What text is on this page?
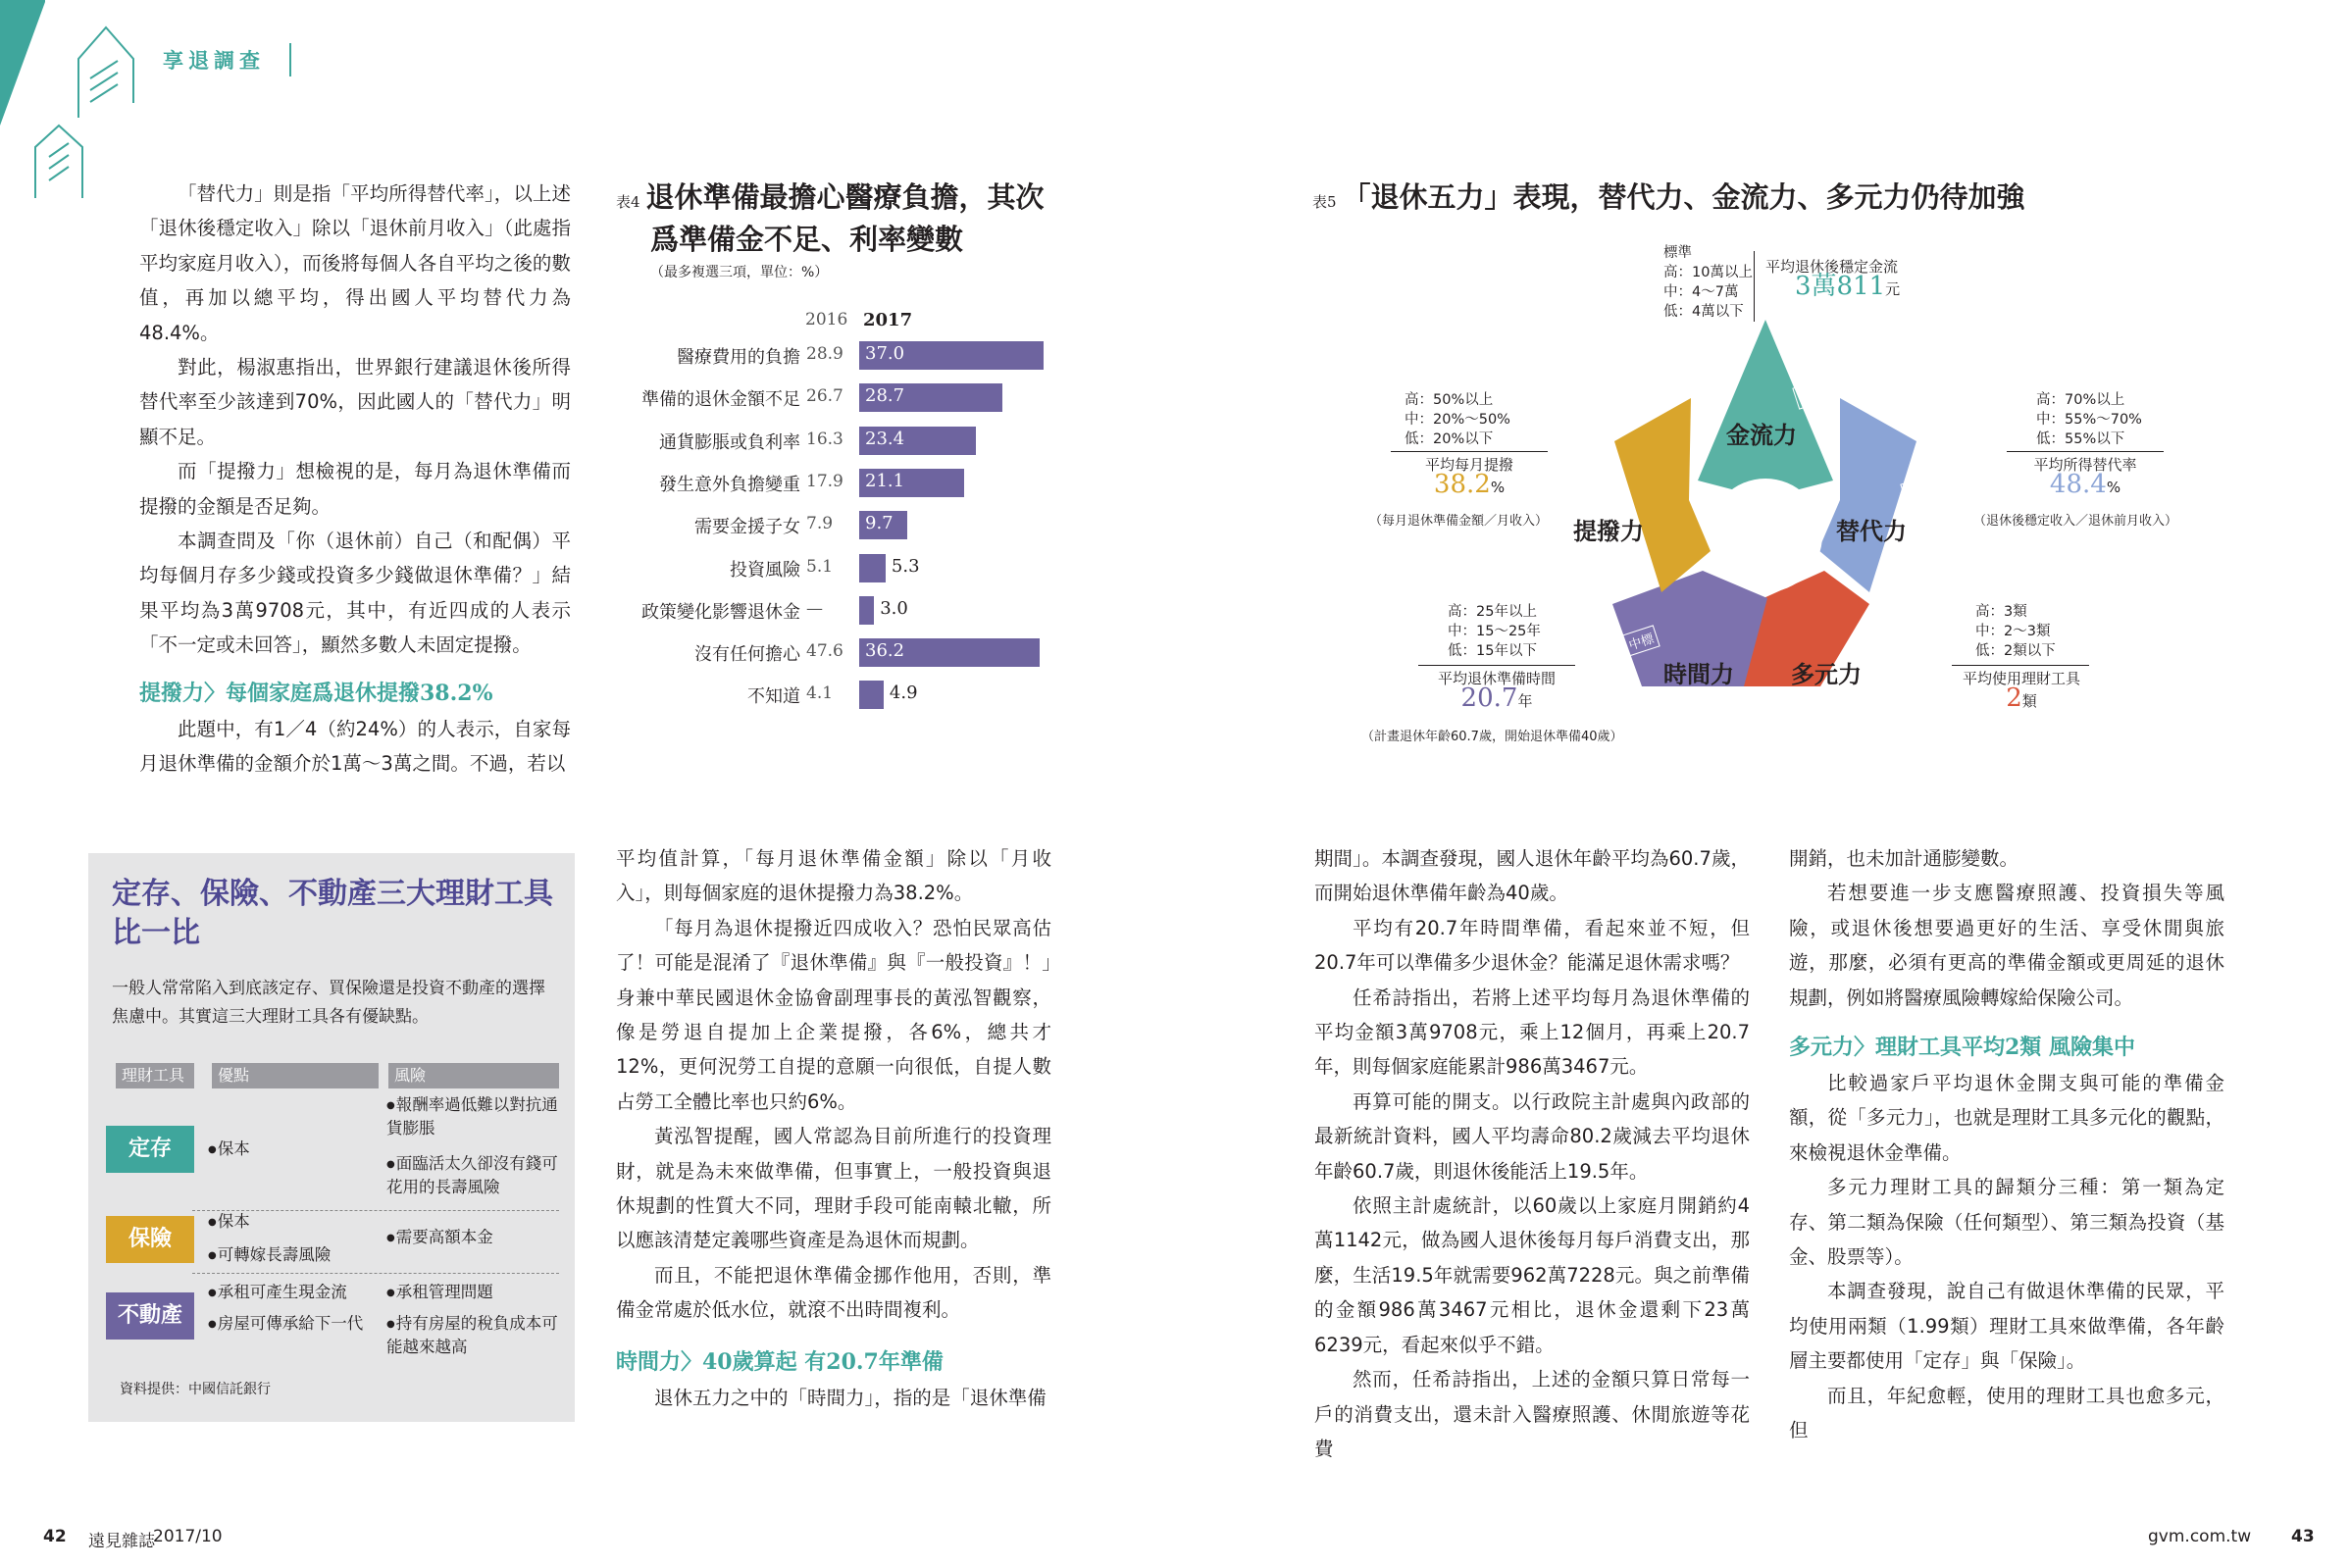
享退調查

「替代力」則是指「平均所得替代率」，以上述「退休後穩定收入」除以「退休前月收入」（此處指平均家庭月收入），而後將每個人各自平均之後的數值，再加以總平均，得出國人平均替代力為48.4%。

對此，楊淑惠指出，世界銀行建議退休後所得替代率至少該達到70%，因此國人的「替代力」明顯不足。

而「提撥力」想檢視的是，每月為退休準備而提撥的金額是否足夠。

本調查問及「你（退休前）自己（和配偶）平均每個月存多少錢或投資多少錢做退休準備？」結果平均為3萬9708元，其中，有近四成的人表示「不一定或未回答」，顯然多數人未固定提撥。

提撥力〉每個家庭爲退休提撥38.2%

此題中，有1／4（約24%）的人表示，自家每月退休準備的金額介於1萬～3萬之間。不過，若以

定存、保險、不動產三大理財工具
比一比
一般人常常陷入到底該定存、買保險還是投資不動產的選擇焦慮中。其實這三大理財工具各有優缺點。
理財工具	優點	風險
定存
●	保本
● 報酬率過低難以對抗通貨膨脹
● 面臨活太久卻沒有錢可花用的長壽風險
保險
● 保本
● 可轉嫁長壽風險
● 需要高額本金
不動產
● 承租可產生現金流
● 房屋可傳承給下一代
● 承租管理問題
● 持有房屋的稅負成本可能越來越高
資料提供：中國信託銀行
表4 退休準備最擔心醫療負擔，其次
爲準備金不足、利率變數
（最多複選三項，單位：%）
2016 2017
醫療費用的負擔 28.9 37.0
準備的退休金額不足 26.7 28.7
通貨膨脹或負利率 16.3 23.4
發生意外負擔變重 17.9 21.1
需要金援子女 7.9 9.7
投資風險 5.1	5.3
政策變化影響退休金 —	3.0
沒有任何擔心 47.6 36.2
不知道 4.1	4.9

平均值計算，「每月退休準備金額」除以「月收入」，則每個家庭的退休提撥力為38.2%。

「每月為退休提撥近四成收入？恐怕民眾高估了！可能是混淆了『退休準備』與『一般投資』！」身兼中華民國退休金協會副理事長的黃泓智觀察，像是勞退自提加上企業提撥，各6%，總共才12%，更何況勞工自提的意願一向很低，自提人數占勞工全體比率也只約6%。

黃泓智提醒，國人常認為目前所進行的投資理財，就是為未來做準備，但事實上，一般投資與退休規劃的性質大不同，理財手段可能南轅北轍，所以應該清楚定義哪些資產是為退休而規劃。

而且，不能把退休準備金挪作他用，否則，準備金常處於低水位，就滾不出時間複利。

時間力〉40歲算起 有20.7年準備

退休五力之中的「時間力」，指的是「退休準備

表5 「退休五力」表現，替代力、金流力、多元力仍待加強
金流力
低標
替代力
低標
多元力
中標
時間力
中標
提撥力
中標
標準
高：10萬以上
中：4～7萬
低：4萬以下
平均退休後穩定金流
3萬811元
高：70%以上
中：55%～70%
低：55%以下
平均所得替代率
48.4%
（退休後穩定收入／退休前月收入）
高：50%以上
中：20%～50%
低：20%以下
平均每月提撥
38.2%
（每月退休準備金額／月收入）
高：25年以上
中：15～25年
低：15年以下
平均退休準備時間
20.7年
（計畫退休年齡60.7歲，開始退休準備40歲）
高：3類
中：2～3類
低：2類以下
平均使用理財工具
2類

期間」。本調查發現，國人退休年齡平均為60.7歲，而開始退休準備年齡為40歲。

平均有20.7年時間準備，看起來並不短，但20.7年可以準備多少退休金？能滿足退休需求嗎？

任希詩指出，若將上述平均每月為退休準備的平均金額3萬9708元，乘上12個月，再乘上20.7年，則每個家庭能累計986萬3467元。

再算可能的開支。以行政院主計處與內政部的最新統計資料，國人平均壽命80.2歲減去平均退休年齡60.7歲，則退休後能活上19.5年。

依照主計處統計，以60歲以上家庭月開銷約4萬1142元，做為國人退休後每月每戶消費支出，那麼，生活19.5年就需要962萬7228元。與之前準備的金額986萬3467元相比，退休金還剩下23萬6239元，看起來似乎不錯。

然而，任希詩指出，上述的金額只算日常每一戶的消費支出，還未計入醫療照護、休閒旅遊等花費

開銷，也未加計通膨變數。

若想要進一步支應醫療照護、投資損失等風險，或退休後想要過更好的生活、享受休閒與旅遊，那麼，必須有更高的準備金額或更周延的退休規劃，例如將醫療風險轉嫁給保險公司。

多元力〉理財工具平均2類 風險集中

比較過家戶平均退休金開支與可能的準備金額，從「多元力」，也就是理財工具多元化的觀點，來檢視退休金準備。

多元力理財工具的歸類分三種：第一類為定存、第二類為保險（任何類型）、第三類為投資（基金、股票等）。

本調查發現，說自己有做退休準備的民眾，平均使用兩類（1.99類）理財工具來做準備，各年齡層主要都使用「定存」與「保險」。

而且，年紀愈輕，使用的理財工具也愈多元，但

42 遠見雜誌
2017/10	gvm.com.tw 43
